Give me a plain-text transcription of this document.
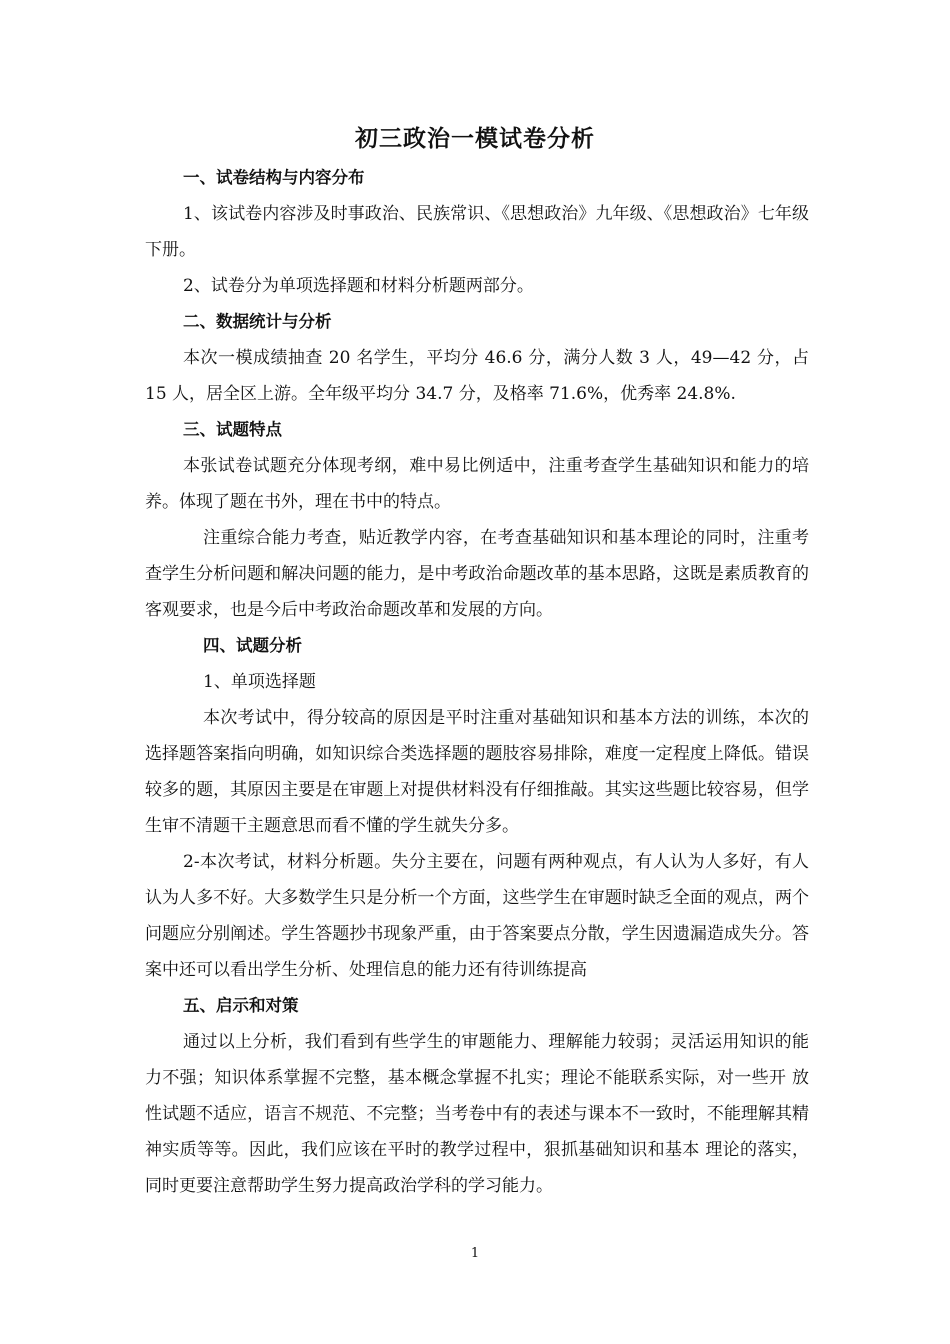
初三政治一模试卷分析

一、试卷结构与内容分布

1、该试卷内容涉及时事政治、民族常识、《思想政治》九年级、《思想政治》七年级下册。

2、试卷分为单项选择题和材料分析题两部分。

二、数据统计与分析

本次一模成绩抽查 20 名学生，平均分 46.6 分，满分人数 3 人，49—42 分，占 15 人，居全区上游。全年级平均分 34.7 分，及格率 71.6%，优秀率 24.8%.

三、试题特点

本张试卷试题充分体现考纲，难中易比例适中，注重考查学生基础知识和能力的培养。体现了题在书外，理在书中的特点。

注重综合能力考查，贴近教学内容，在考查基础知识和基本理论的同时，注重考查学生分析问题和解决问题的能力，是中考政治命题改革的基本思路，这既是素质教育的客观要求，也是今后中考政治命题改革和发展的方向。

四、试题分析

1、单项选择题

本次考试中，得分较高的原因是平时注重对基础知识和基本方法的训练，本次的选择题答案指向明确，如知识综合类选择题的题肢容易排除，难度一定程度上降低。错误较多的题，其原因主要是在审题上对提供材料没有仔细推敲。其实这些题比较容易，但学生审不清题干主题意思而看不懂的学生就失分多。

2-本次考试，材料分析题。失分主要在，问题有两种观点，有人认为人多好，有人认为人多不好。大多数学生只是分析一个方面，这些学生在审题时缺乏全面的观点，两个问题应分别阐述。学生答题抄书现象严重，由于答案要点分散，学生因遗漏造成失分。答案中还可以看出学生分析、处理信息的能力还有待训练提高

五、启示和对策

通过以上分析，我们看到有些学生的审题能力、理解能力较弱；灵活运用知识的能力不强；知识体系掌握不完整，基本概念掌握不扎实；理论不能联系实际，对一些开 放性试题不适应，语言不规范、不完整；当考卷中有的表述与课本不一致时，不能理解其精神实质等等。因此，我们应该在平时的教学过程中，狠抓基础知识和基本 理论的落实，同时更要注意帮助学生努力提高政治学科的学习能力。

1
